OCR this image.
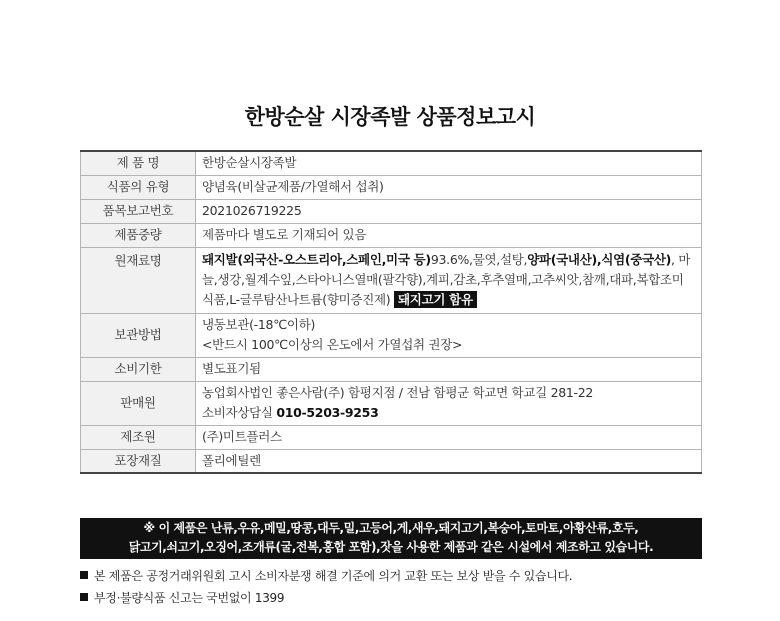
한방순살 시장족발 상품정보고시
제 품 명	한방순살시장족발
식품의 유형	양념육(비살균제품/가열해서 섭취)
품목보고번호	2021026719225
제품중량	제품마다 별도로 기재되어 있음
원재료명	돼지발(외국산-오스트리아,스페인,미국 등)93.6%,물엿,설탕,양파(국내산),식염(중국산), 마늘,생강,월계수잎,스타아니스열매(팔각향),계피,감초,후추열매,고추씨앗,참깨,대파,복합조미식품,L-글루탐산나트륨(향미증진제) 돼지고기 함유
보관방법	냉동보관(-18℃이하)
<반드시 100℃이상의 온도에서 가열섭취 권장>

소비기한	별도표기됨
판매원	농업회사법인 좋은사람(주) 함평지점 / 전남 함평군 학교면 학교길 281-22
소비자상담실 010-5203-9253

제조원	(주)미트플러스
포장재질	폴리에틸렌
※ 이 제품은 난류,우유,메밀,땅콩,대두,밀,고등어,게,새우,돼지고기,복숭아,토마토,아황산류,호두,
닭고기,쇠고기,오징어,조개류(굴,전복,홍합 포함),잣을 사용한 제품과 같은 시설에서 제조하고 있습니다.
본 제품은 공정거래위원회 고시 소비자분쟁 해결 기준에 의거 교환 또는 보상 받을 수 있습니다.
부정·불량식품 신고는 국번없이 1399
